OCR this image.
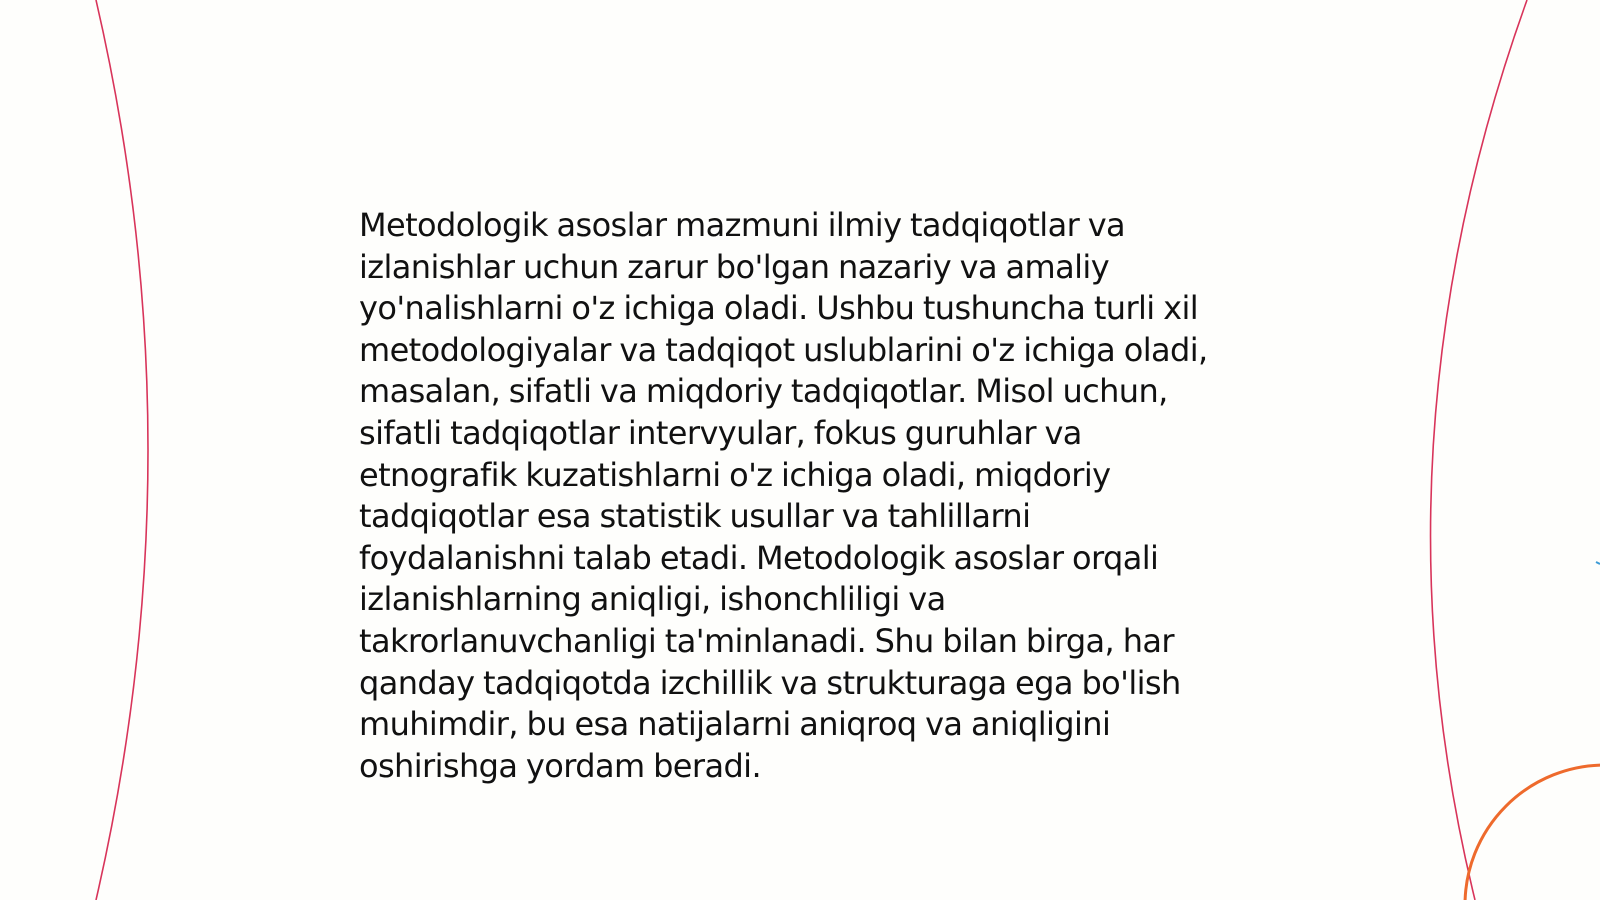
Metodologik asoslar mazmuni ilmiy tadqiqotlar va izlanishlar uchun zarur bo'lgan nazariy va amaliy yo'nalishlarni o'z ichiga oladi. Ushbu tushuncha turli xil metodologiyalar va tadqiqot uslublarini o'z ichiga oladi, masalan, sifatli va miqdoriy tadqiqotlar. Misol uchun, sifatli tadqiqotlar intervyular, fokus guruhlar va etnografik kuzatishlarni o'z ichiga oladi, miqdoriy tadqiqotlar esa statistik usullar va tahlillarni foydalanishni talab etadi. Metodologik asoslar orqali izlanishlarning aniqligi, ishonchliligi va takrorlanuvchanligi ta'minlanadi. Shu bilan birga, har qanday tadqiqotda izchillik va strukturaga ega bo'lish muhimdir, bu esa natijalarni aniqroq va aniqligini oshirishga yordam beradi.
